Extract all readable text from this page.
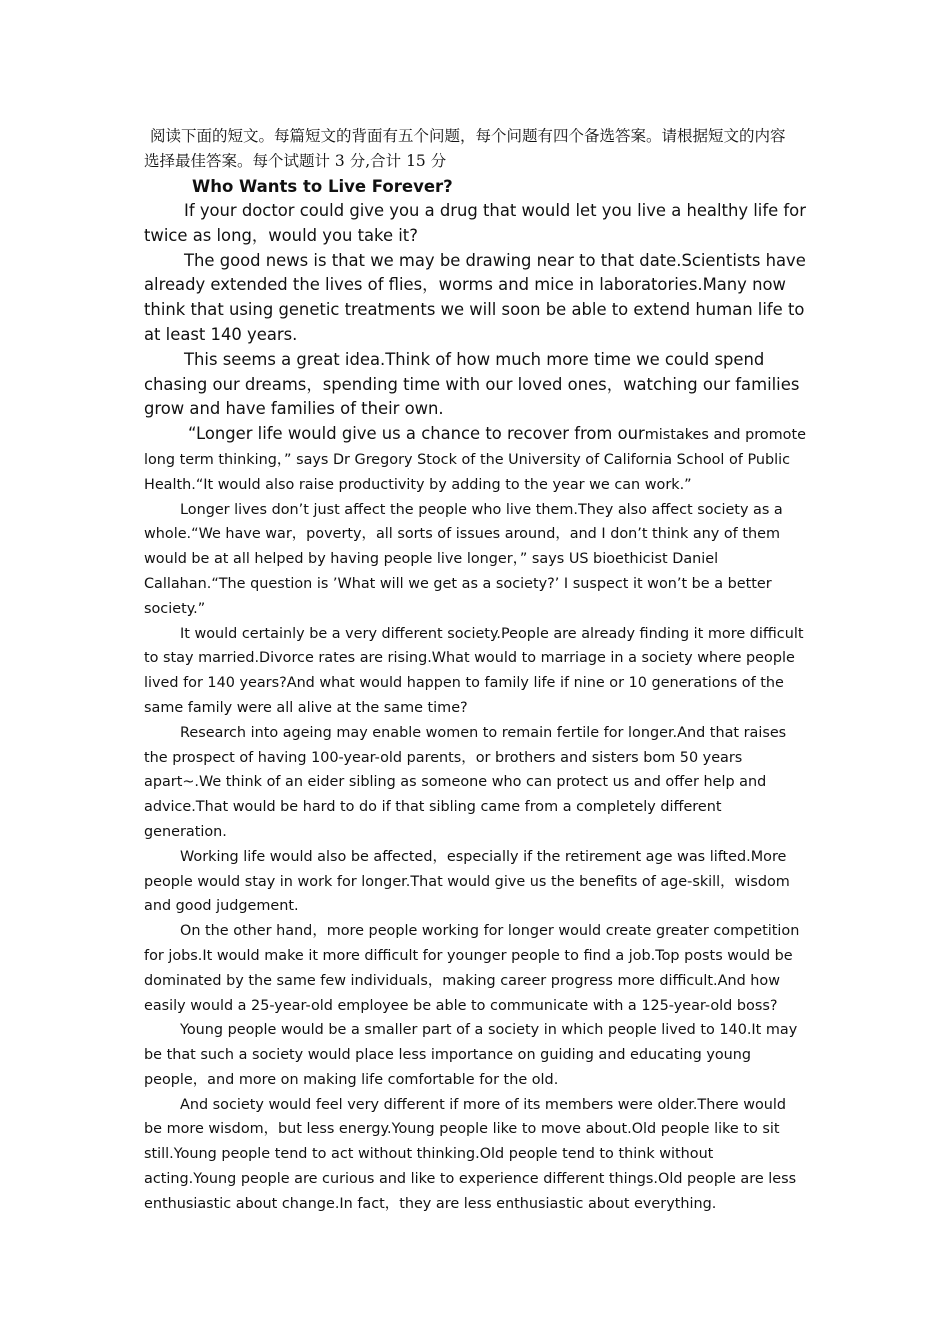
阅读下面的短文。每篇短文的背面有五个问题，每个问题有四个备选答案。请根据短文的内容
选择最佳答案。每个试题计 3 分,合计 15 分
Who Wants to Live Forever?

If your doctor could give you a drug that would let you live a healthy life for twice as long，would you take it?

The good news is that we may be drawing near to that date.Scientists have already extended the lives of flies，worms and mice in laboratories.Many now think that using genetic treatments we will soon be able to extend human life to at least 140 years.

This seems a great idea.Think of how much more time we could spend chasing our dreams，spending time with our loved ones，watching our families grow and have families of their own.

“Longer life would give us a chance to recover from ourmistakes and promote long term thinking，” says Dr Gregory Stock of the University of California School of Public Health.“It would also raise productivity by adding to the year we can work.”

Longer lives don’t just affect the people who live them.They also affect society as a whole.“We have war，poverty，all sorts of issues around，and I don’t think any of them would be at all helped by having people live longer，” says US bioethicist Daniel Callahan.“The question is ’What will we get as a society?’ I suspect it won’t be a better society.”

It would certainly be a very different society.People are already finding it more difficult to stay married.Divorce rates are rising.What would to marriage in a society where people lived for 140 years?And what would happen to family life if nine or 10 generations of the same family were all alive at the same time?

Research into ageing may enable women to remain fertile for longer.And that raises the prospect of having 100-year-old parents，or brothers and sisters bom 50 years apart~.We think of an eider sibling as someone who can protect us and offer help and advice.That would be hard to do if that sibling came from a completely different generation.

Working life would also be affected，especially if the retirement age was lifted.More people would stay in work for longer.That would give us the benefits of age-skill，wisdom and good judgement.

On the other hand，more people working for longer would create greater competition for jobs.It would make it more difficult for younger people to find a job.Top posts would be dominated by the same few individuals，making career progress more difficult.And how easily would a 25-year-old employee be able to communicate with a 125-year-old boss?

Young people would be a smaller part of a society in which people lived to 140.It may be that such a society would place less importance on guiding and educating young people，and more on making life comfortable for the old.

And society would feel very different if more of its members were older.There would be more wisdom，but less energy.Young people like to move about.Old people like to sit still.Young people tend to act without thinking.Old people tend to think without acting.Young people are curious and like to experience different things.Old people are less enthusiastic about change.In fact，they are less enthusiastic about everything.
